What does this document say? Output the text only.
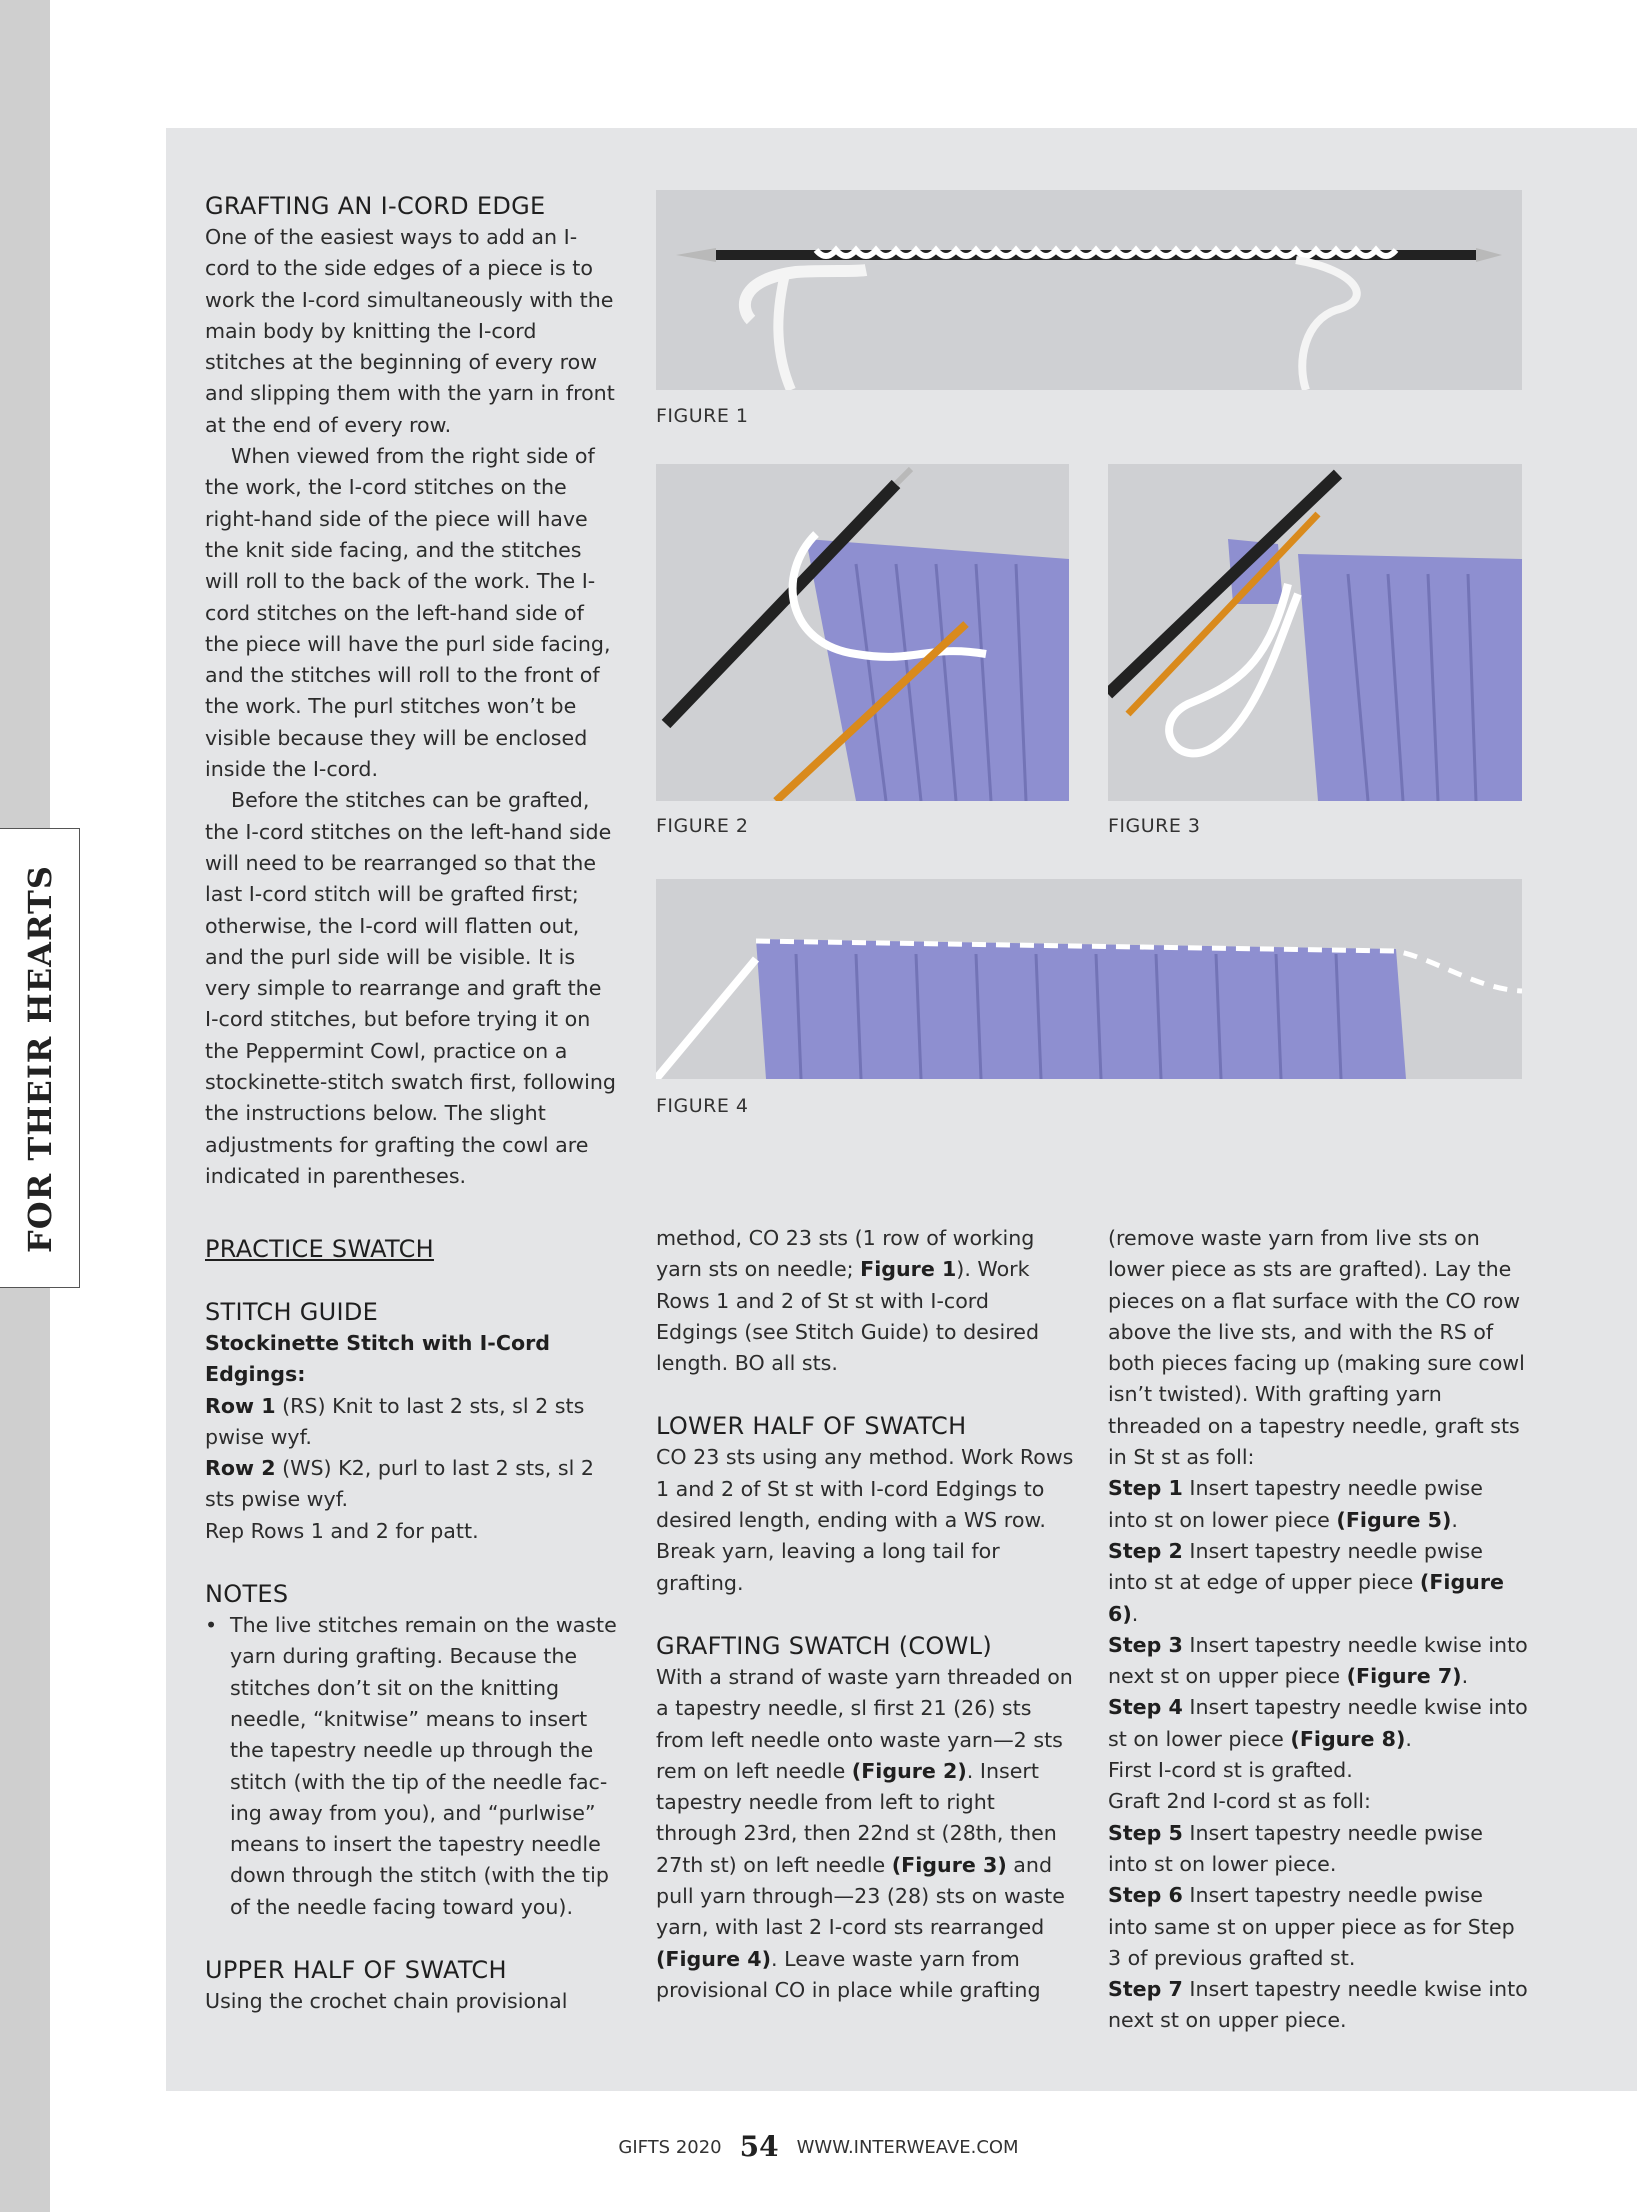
FOR THEIR HEARTS
GRAFTING AN I-CORD EDGE

One of the easiest ways to add an I-cord to the side edges of a piece is to work the I-cord simultaneously with the main body by knitting the I-cord stitches at the beginning of every row and slipping them with the yarn in front at the end of every row.

When viewed from the right side of the work, the I-cord stitches on the right-hand side of the piece will have the knit side facing, and the stitches will roll to the back of the work. The I-cord stitches on the left-hand side of the piece will have the purl side facing, and the stitches will roll to the front of the work. The purl stitches won’t be visible because they will be enclosed inside the I-cord.

Before the stitches can be grafted, the I-cord stitches on the left-hand side will need to be rearranged so that the last I-cord stitch will be grafted first; otherwise, the I-cord will flatten out, and the purl side will be visible. It is very simple to rearrange and graft the I-cord stitches, but before trying it on the Peppermint Cowl, practice on a stockinette-stitch swatch first, following the instructions below. The slight adjustments for grafting the cowl are indicated in parentheses.

FIGURE 1
FIGURE 2	FIGURE 3
FIGURE 4
PRACTICE SWATCH
STITCH GUIDE

Stockinette Stitch with I-Cord Edgings:

Row 1 (RS) Knit to last 2 sts, sl 2 sts pwise wyf.

Row 2 (WS) K2, purl to last 2 sts, sl 2 sts pwise wyf.

Rep Rows 1 and 2 for patt.

NOTES

• The live stitches remain on the waste yarn during grafting. Because the stitches don’t sit on the knitting needle, “knitwise” means to insert the tapestry needle up through the stitch (with the tip of the needle fac-ing away from you), and “purlwise” means to insert the tapestry needle down through the stitch (with the tip of the needle facing toward you).

UPPER HALF OF SWATCH

Using the crochet chain provisional

method, CO 23 sts (1 row of working yarn sts on needle; Figure 1). Work Rows 1 and 2 of St st with I-cord Edgings (see Stitch Guide) to desired length. BO all sts.

LOWER HALF OF SWATCH

CO 23 sts using any method. Work Rows 1 and 2 of St st with I-cord Edgings to desired length, ending with a WS row. Break yarn, leaving a long tail for grafting.

GRAFTING SWATCH (COWL)

With a strand of waste yarn threaded on a tapestry needle, sl first 21 (26) sts from left needle onto waste yarn—2 sts rem on left needle (Figure 2). Insert tapestry needle from left to right through 23rd, then 22nd st (28th, then 27th st) on left needle (Figure 3) and pull yarn through—23 (28) sts on waste yarn, with last 2 I-cord sts rearranged (Figure 4). Leave waste yarn from provisional CO in place while grafting

(remove waste yarn from live sts on lower piece as sts are grafted). Lay the pieces on a flat surface with the CO row above the live sts, and with the RS of both pieces facing up (making sure cowl isn’t twisted). With grafting yarn threaded on a tapestry needle, graft sts in St st as foll:

Step 1 Insert tapestry needle pwise into st on lower piece (Figure 5).

Step 2 Insert tapestry needle pwise into st at edge of upper piece (Figure 6).

Step 3 Insert tapestry needle kwise into next st on upper piece (Figure 7).

Step 4 Insert tapestry needle kwise into st on lower piece (Figure 8).

First I-cord st is grafted.

Graft 2nd I-cord st as foll:

Step 5 Insert tapestry needle pwise into st on lower piece.

Step 6 Insert tapestry needle pwise into same st on upper piece as for Step 3 of previous grafted st.

Step 7 Insert tapestry needle kwise into next st on upper piece.

GIFTS 2020 54 WWW.INTERWEAVE.COM
